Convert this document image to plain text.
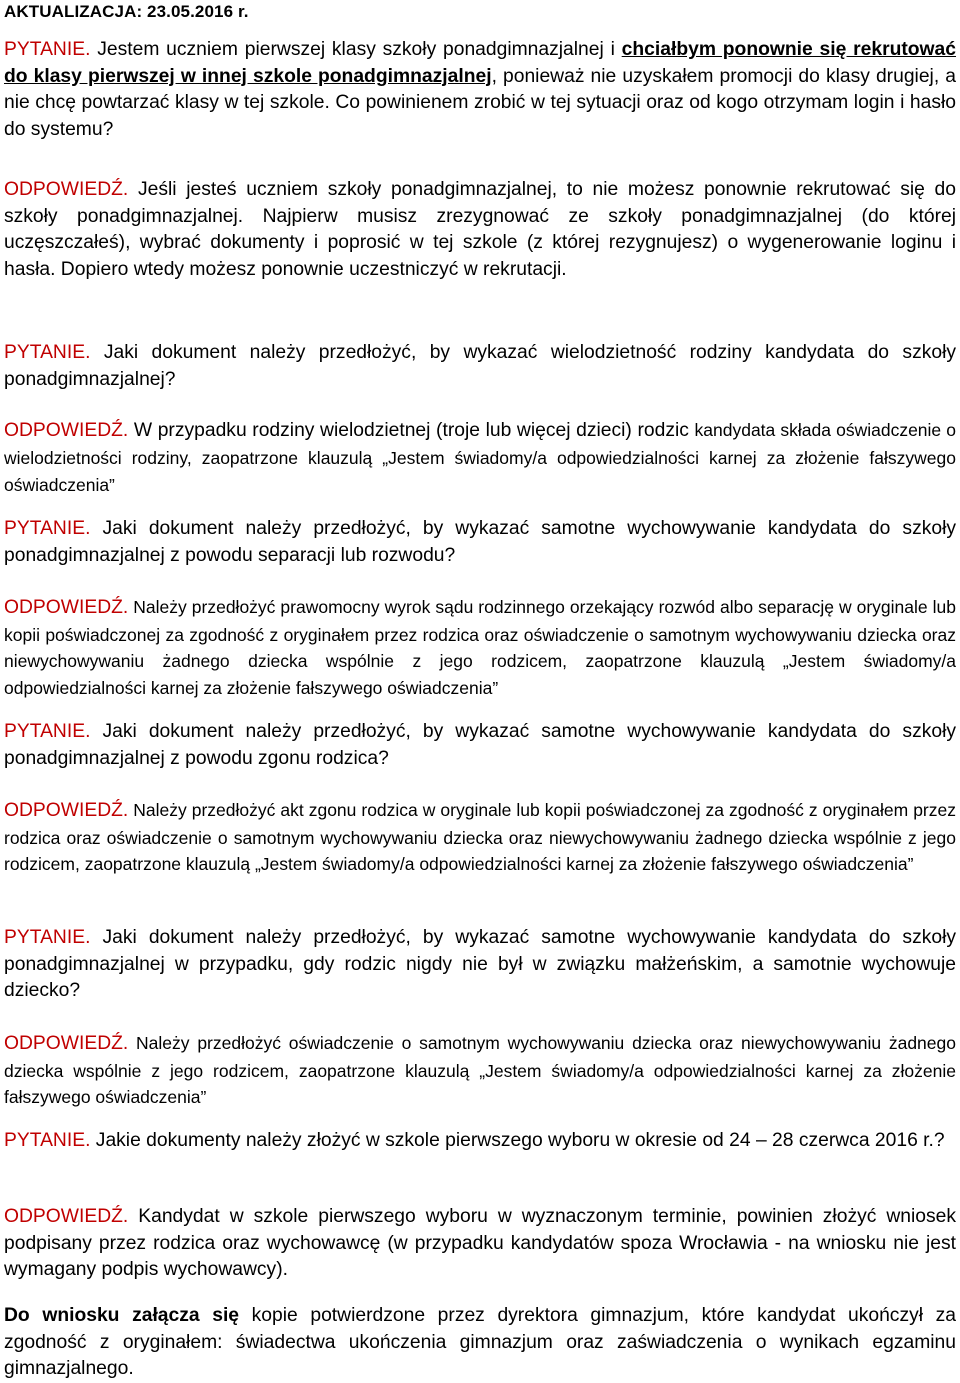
AKTUALIZACJA: 23.05.2016 r.
PYTANIE. Jestem uczniem pierwszej klasy szkoły ponadgimnazjalnej i chciałbym ponownie się rekrutować do klasy pierwszej w innej szkole ponadgimnazjalnej, ponieważ nie uzyskałem promocji do klasy drugiej, a nie chcę powtarzać klasy w tej szkole. Co powinienem zrobić w tej sytuacji oraz od kogo otrzymam login i hasło do systemu?
ODPOWIEDŹ. Jeśli jesteś uczniem szkoły ponadgimnazjalnej, to nie możesz ponownie rekrutować się do szkoły ponadgimnazjalnej. Najpierw musisz zrezygnować ze szkoły ponadgimnazjalnej (do której uczęszczałeś), wybrać dokumenty i poprosić w tej szkole (z której rezygnujesz) o wygenerowanie loginu i hasła. Dopiero wtedy możesz ponownie uczestniczyć w rekrutacji.
PYTANIE. Jaki dokument należy przedłożyć, by wykazać wielodzietność rodziny kandydata do szkoły ponadgimnazjalnej?
ODPOWIEDŹ. W przypadku rodziny wielodzietnej (troje lub więcej dzieci) rodzic kandydata składa oświadczenie o wielodzietności rodziny, zaopatrzone klauzulą „Jestem świadomy/a odpowiedzialności karnej za złożenie fałszywego oświadczenia”
PYTANIE. Jaki dokument należy przedłożyć, by wykazać samotne wychowywanie kandydata do szkoły ponadgimnazjalnej z powodu separacji lub rozwodu?
ODPOWIEDŹ. Należy przedłożyć prawomocny wyrok sądu rodzinnego orzekający rozwód albo separację w oryginale lub kopii poświadczonej za zgodność z oryginałem przez rodzica oraz oświadczenie o samotnym wychowywaniu dziecka oraz niewychowywaniu żadnego dziecka wspólnie z jego rodzicem, zaopatrzone klauzulą „Jestem świadomy/a odpowiedzialności karnej za złożenie fałszywego oświadczenia”
PYTANIE. Jaki dokument należy przedłożyć, by wykazać samotne wychowywanie kandydata do szkoły ponadgimnazjalnej z powodu zgonu rodzica?
ODPOWIEDŹ. Należy przedłożyć akt zgonu rodzica w oryginale lub kopii poświadczonej za zgodność z oryginałem przez rodzica oraz oświadczenie o samotnym wychowywaniu dziecka oraz niewychowywaniu żadnego dziecka wspólnie z jego rodzicem, zaopatrzone klauzulą „Jestem świadomy/a odpowiedzialności karnej za złożenie fałszywego oświadczenia”
PYTANIE. Jaki dokument należy przedłożyć, by wykazać samotne wychowywanie kandydata do szkoły ponadgimnazjalnej w przypadku, gdy rodzic nigdy nie był w związku małżeńskim, a samotnie wychowuje dziecko?
ODPOWIEDŹ. Należy przedłożyć oświadczenie o samotnym wychowywaniu dziecka oraz niewychowywaniu żadnego dziecka wspólnie z jego rodzicem, zaopatrzone klauzulą „Jestem świadomy/a odpowiedzialności karnej za złożenie fałszywego oświadczenia”
PYTANIE. Jakie dokumenty należy złożyć w szkole pierwszego wyboru w okresie od 24 – 28 czerwca 2016 r.?
ODPOWIEDŹ. Kandydat w szkole pierwszego wyboru w wyznaczonym terminie, powinien złożyć wniosek podpisany przez rodzica oraz wychowawcę (w przypadku kandydatów spoza Wrocławia - na wniosku nie jest wymagany podpis wychowawcy).
Do wniosku załącza się kopie potwierdzone przez dyrektora gimnazjum, które kandydat ukończył za zgodność z oryginałem: świadectwa ukończenia gimnazjum oraz zaświadczenia o wynikach egzaminu gimnazjalnego.
